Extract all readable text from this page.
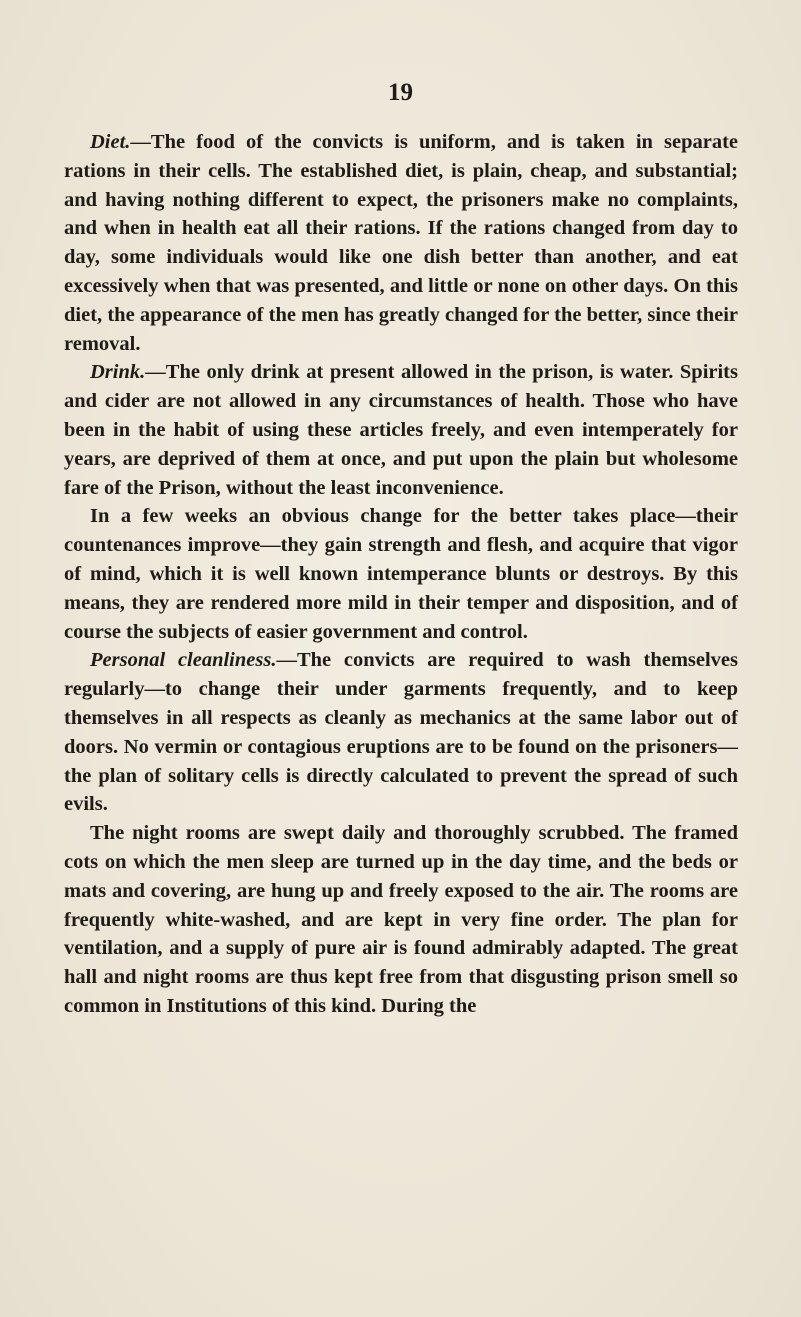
19

Diet.—The food of the convicts is uniform, and is taken in separate rations in their cells. The established diet, is plain, cheap, and substantial; and having nothing different to expect, the prisoners make no complaints, and when in health eat all their rations. If the rations changed from day to day, some individuals would like one dish better than another, and eat excessively when that was presented, and little or none on other days. On this diet, the appearance of the men has greatly changed for the better, since their removal.

Drink.—The only drink at present allowed in the prison, is water. Spirits and cider are not allowed in any circumstances of health. Those who have been in the habit of using these articles freely, and even intemperately for years, are deprived of them at once, and put upon the plain but wholesome fare of the Prison, without the least inconvenience.

In a few weeks an obvious change for the better takes place—their countenances improve—they gain strength and flesh, and acquire that vigor of mind, which it is well known intemperance blunts or destroys. By this means, they are rendered more mild in their temper and disposition, and of course the subjects of easier government and control.

Personal cleanliness.—The convicts are required to wash themselves regularly—to change their under garments frequently, and to keep themselves in all respects as cleanly as mechanics at the same labor out of doors. No vermin or contagious eruptions are to be found on the prisoners—the plan of solitary cells is directly calculated to prevent the spread of such evils.

The night rooms are swept daily and thoroughly scrubbed. The framed cots on which the men sleep are turned up in the day time, and the beds or mats and covering, are hung up and freely exposed to the air. The rooms are frequently white-washed, and are kept in very fine order. The plan for ventilation, and a supply of pure air is found admirably adapted. The great hall and night rooms are thus kept free from that disgusting prison smell so common in Institutions of this kind. During the
